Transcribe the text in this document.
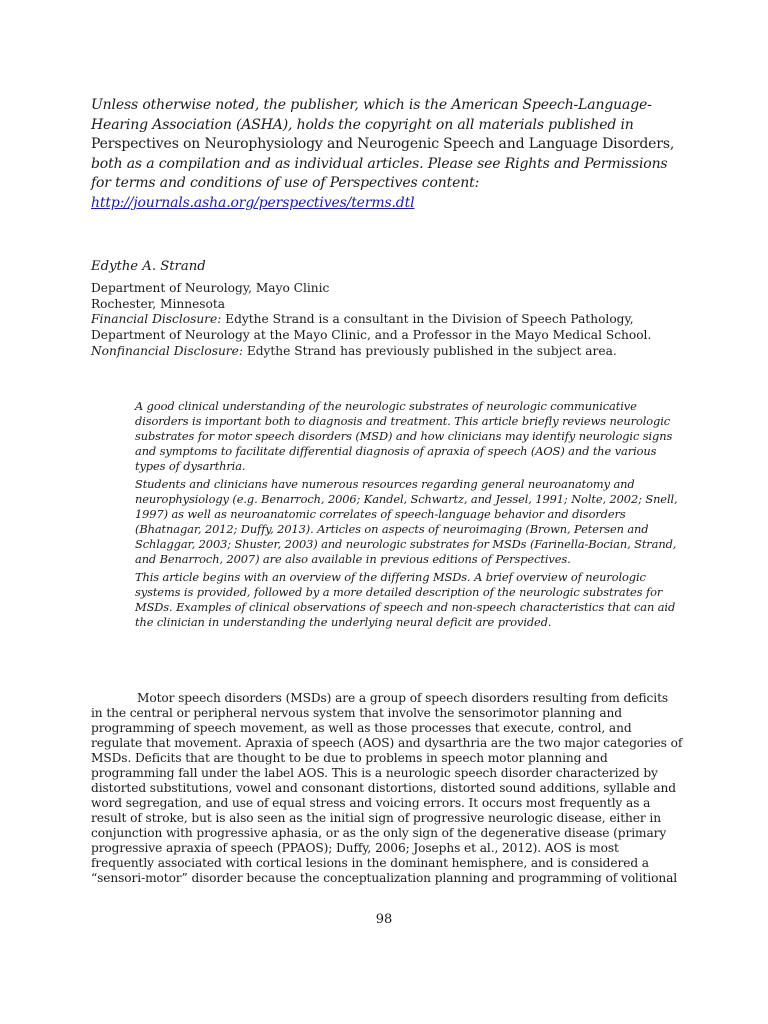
Unless otherwise noted, the publisher, which is the American Speech-Language-Hearing Association (ASHA), holds the copyright on all materials published in Perspectives on Neurophysiology and Neurogenic Speech and Language Disorders, both as a compilation and as individual articles. Please see Rights and Permissions for terms and conditions of use of Perspectives content:
http://journals.asha.org/perspectives/terms.dtl
Edythe A. Strand
Department of Neurology, Mayo Clinic
Rochester, Minnesota
Financial Disclosure: Edythe Strand is a consultant in the Division of Speech Pathology, Department of Neurology at the Mayo Clinic, and a Professor in the Mayo Medical School.
Nonfinancial Disclosure: Edythe Strand has previously published in the subject area.

A good clinical understanding of the neurologic substrates of neurologic communicative disorders is important both to diagnosis and treatment. This article briefly reviews neurologic substrates for motor speech disorders (MSD) and how clinicians may identify neurologic signs and symptoms to facilitate differential diagnosis of apraxia of speech (AOS) and the various types of dysarthria.

Students and clinicians have numerous resources regarding general neuroanatomy and neurophysiology (e.g. Benarroch, 2006; Kandel, Schwartz, and Jessel, 1991; Nolte, 2002; Snell, 1997) as well as neuroanatomic correlates of speech-language behavior and disorders (Bhatnagar, 2012; Duffy, 2013). Articles on aspects of neuroimaging (Brown, Petersen and Schlaggar, 2003; Shuster, 2003) and neurologic substrates for MSDs (Farinella-Bocian, Strand, and Benarroch, 2007) are also available in previous editions of Perspectives.

This article begins with an overview of the differing MSDs. A brief overview of neurologic systems is provided, followed by a more detailed description of the neurologic substrates for MSDs. Examples of clinical observations of speech and non-speech characteristics that can aid the clinician in understanding the underlying neural deficit are provided.

Motor speech disorders (MSDs) are a group of speech disorders resulting from deficits in the central or peripheral nervous system that involve the sensorimotor planning and programming of speech movement, as well as those processes that execute, control, and regulate that movement. Apraxia of speech (AOS) and dysarthria are the two major categories of MSDs. Deficits that are thought to be due to problems in speech motor planning and programming fall under the label AOS. This is a neurologic speech disorder characterized by distorted substitutions, vowel and consonant distortions, distorted sound additions, syllable and word segregation, and use of equal stress and voicing errors. It occurs most frequently as a result of stroke, but is also seen as the initial sign of progressive neurologic disease, either in conjunction with progressive aphasia, or as the only sign of the degenerative disease (primary progressive apraxia of speech (PPAOS); Duffy, 2006; Josephs et al., 2012). AOS is most frequently associated with cortical lesions in the dominant hemisphere, and is considered a “sensori-motor” disorder because the conceptualization planning and programming of volitional

98
